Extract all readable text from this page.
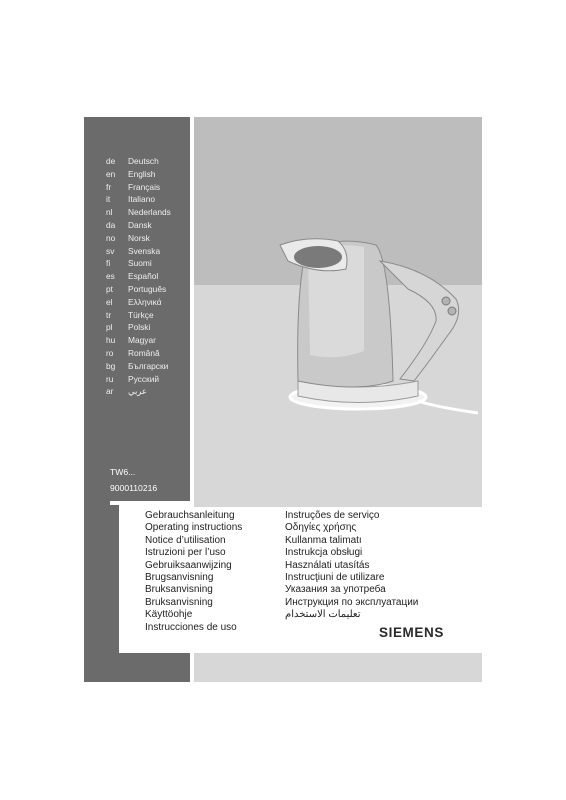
de Deutsch
en English
fr Français
it Italiano
nl Nederlands
da Dansk
no Norsk
sv Svenska
fi Suomi
es Español
pt Português
el Ελληνικά
tr Türkçe
pl Polski
hu Magyar
ro Română
bg Български
ru Русский
ar عربي
TW6...
9000110216
Gebrauchsanleitung
Operating instructions
Notice d’utilisation
Istruzioni per l’uso
Gebruiksaanwijzing
Brugsanvisning
Bruksanvisning
Bruksanvisning
Käyttöohje
Instrucciones de uso
Instruções de serviço
Οδηγίες χρήσης
Kullanma talimatı
Instrukcja obsługi
Használati utasítás
Instrucţiuni de utilizare
Указания за употреба
Инструкция по эксплуатации
تعليمات الاستخدام
SIEMENS
